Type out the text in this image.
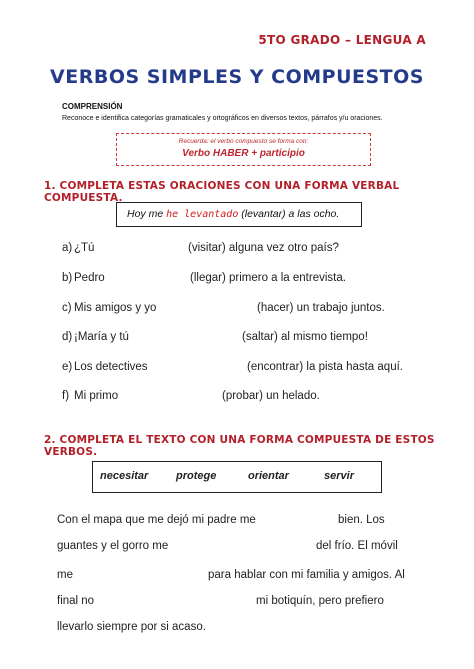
5TO GRADO – LENGUA A
VERBOS SIMPLES Y COMPUESTOS
COMPRENSIÓN
Reconoce e identifica categorías gramaticales y ortográficos en diversos textos, párrafos y/u oraciones.
Recuerda: el verbo compuesto se forma con:
Verbo HABER + participio
1. COMPLETA ESTAS ORACIONES CON UNA FORMA VERBAL COMPUESTA.
Hoy me he levantado (levantar) a las ocho.
a) ¿Tú	(visitar) alguna vez otro país?
b) Pedro	(llegar) primero a la entrevista.
c) Mis amigos y yo	(hacer) un trabajo juntos.
d) ¡María y tú	(saltar) al mismo tiempo!
e) Los detectives	(encontrar) la pista hasta aquí.
f) Mi primo	(probar) un helado.
2. COMPLETA EL TEXTO CON UNA FORMA COMPUESTA DE ESTOS VERBOS.
necesitar	protege	orientar	servir
Con el mapa que me dejó mi padre me	bien. Los
guantes y el gorro me	del frío. El móvil
me	para hablar con mi familia y amigos. Al
final no	mi botiquín, pero prefiero
llevarlo siempre por si acaso.
